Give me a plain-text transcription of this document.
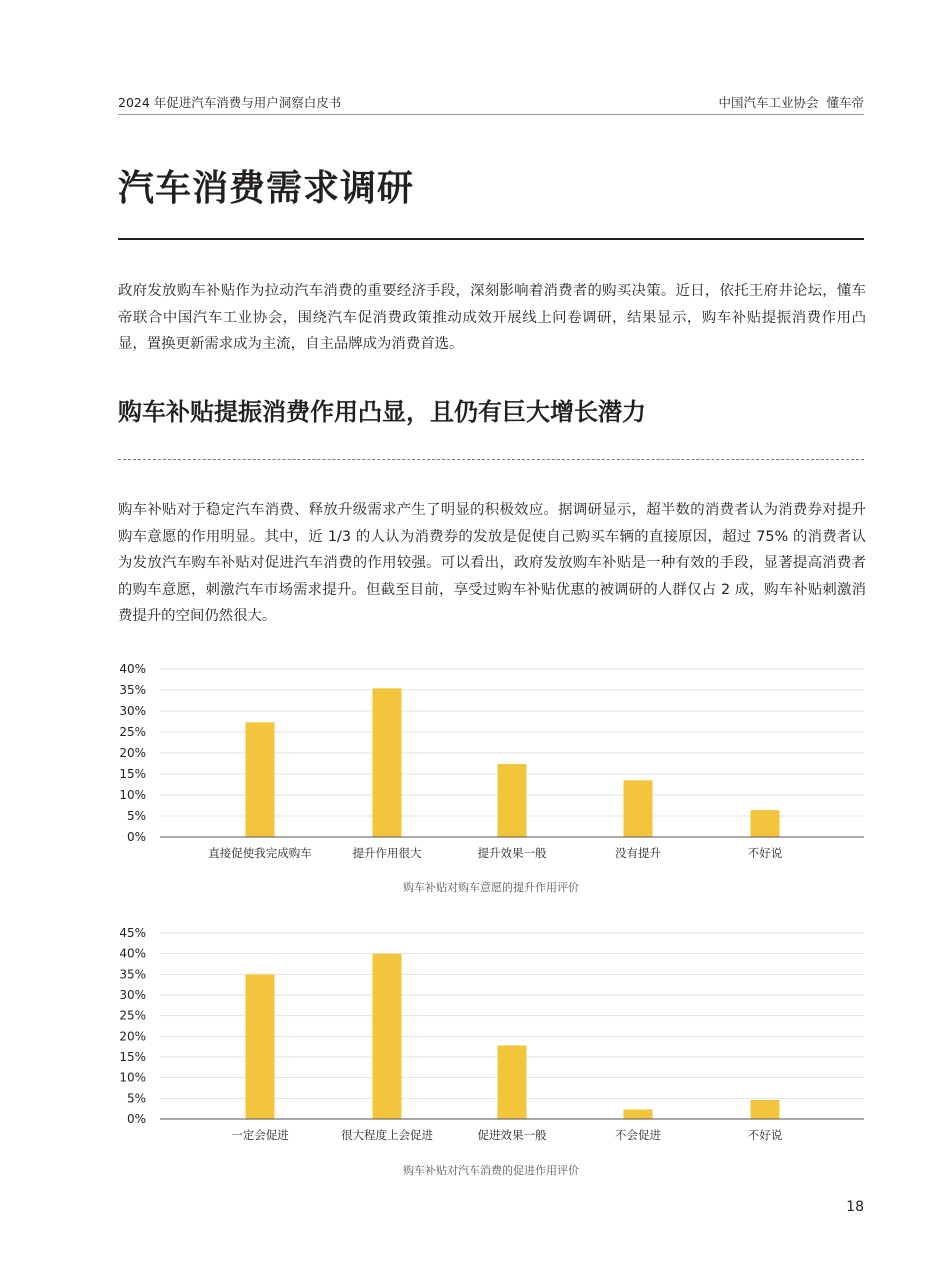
2024 年促进汽车消费与用户洞察白皮书	中国汽车工业协会  懂车帝
汽车消费需求调研

政府发放购车补贴作为拉动汽车消费的重要经济手段，深刻影响着消费者的购买决策。近日，依托王府井论坛，懂车帝联合中国汽车工业协会，围绕汽车促消费政策推动成效开展线上问卷调研，结果显示，购车补贴提振消费作用凸显，置换更新需求成为主流，自主品牌成为消费首选。

购车补贴提振消费作用凸显，且仍有巨大增长潜力

购车补贴对于稳定汽车消费、释放升级需求产生了明显的积极效应。据调研显示，超半数的消费者认为消费券对提升购车意愿的作用明显。其中，近 1/3 的人认为消费券的发放是促使自己购买车辆的直接原因，超过 75% 的消费者认为发放汽车购车补贴对促进汽车消费的作用较强。可以看出，政府发放购车补贴是一种有效的手段，显著提高消费者的购车意愿，刺激汽车市场需求提升。但截至目前，享受过购车补贴优惠的被调研的人群仅占 2 成，购车补贴刺激消费提升的空间仍然很大。

0%
5%
10%
15%
20%
25%
30%
35%
40%
直接促使我完成购车	提升作用很大	提升效果一般	没有提升	不好说
购车补贴对购车意愿的提升作用评价
0%
5%
10%
15%
20%
25%
30%
35%
40%
45%
一定会促进	很大程度上会促进	促进效果一般	不会促进	不好说
购车补贴对汽车消费的促进作用评价
18
